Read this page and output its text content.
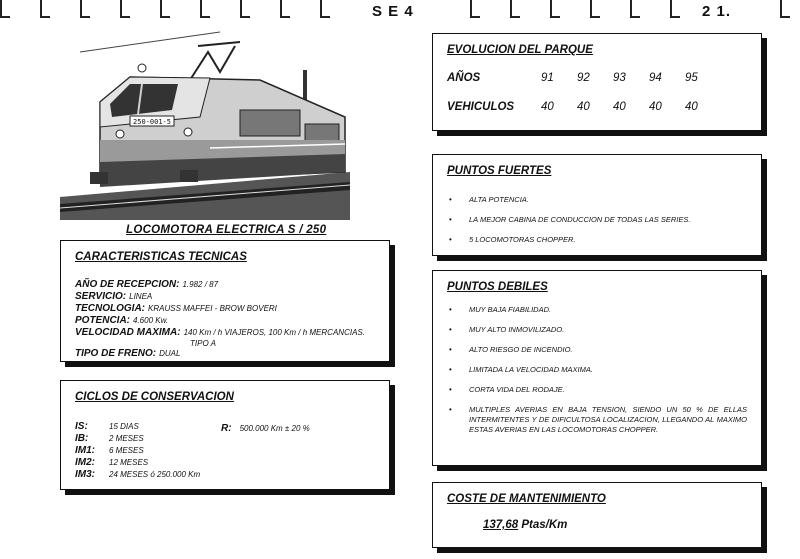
S E 4	2 1.
250-001-5
LOCOMOTORA ELECTRICA S / 250
CARACTERISTICAS TECNICAS
AÑO DE RECEPCION: 1.982 / 87
SERVICIO: LINEA
TECNOLOGIA: KRAUSS MAFFEI - BROW BOVERI
POTENCIA: 4.600 Kw.
VELOCIDAD MAXIMA: 140 Km / h VIAJEROS, 100 Km / h MERCANCIAS.
TIPO A
TIPO DE FRENO: DUAL
CICLOS DE CONSERVACION
IS:	15 DIAS
IB:	2 MESES
IM1: 6 MESES
IM2: 12 MESES
IM3: 24 MESES ó 250.000 Km
R: 500.000 Km ± 20 %
EVOLUCION DEL PARQUE
AÑOS	91 92 93 94 95
VEHICULOS 40 40 40 40 40
PUNTOS FUERTES
• ALTA POTENCIA.
• LA MEJOR CABINA DE CONDUCCION DE TODAS LAS SERIES.
• 5 LOCOMOTORAS CHOPPER.
PUNTOS DEBILES
• MUY BAJA FIABILIDAD.
• MUY ALTO INMOVILIZADO.
• ALTO RIESGO DE INCENDIO.
• LIMITADA LA VELOCIDAD MAXIMA.
• CORTA VIDA DEL RODAJE.
• MULTIPLES AVERIAS EN BAJA TENSION, SIENDO UN 50 % DE ELLAS INTERMITENTES Y DE DIFICULTOSA LOCALIZACION, LLEGANDO AL MAXIMO ESTAS AVERIAS EN LAS LOCOMOTORAS CHOPPER.
COSTE DE MANTENIMIENTO
137,68 Ptas/Km
